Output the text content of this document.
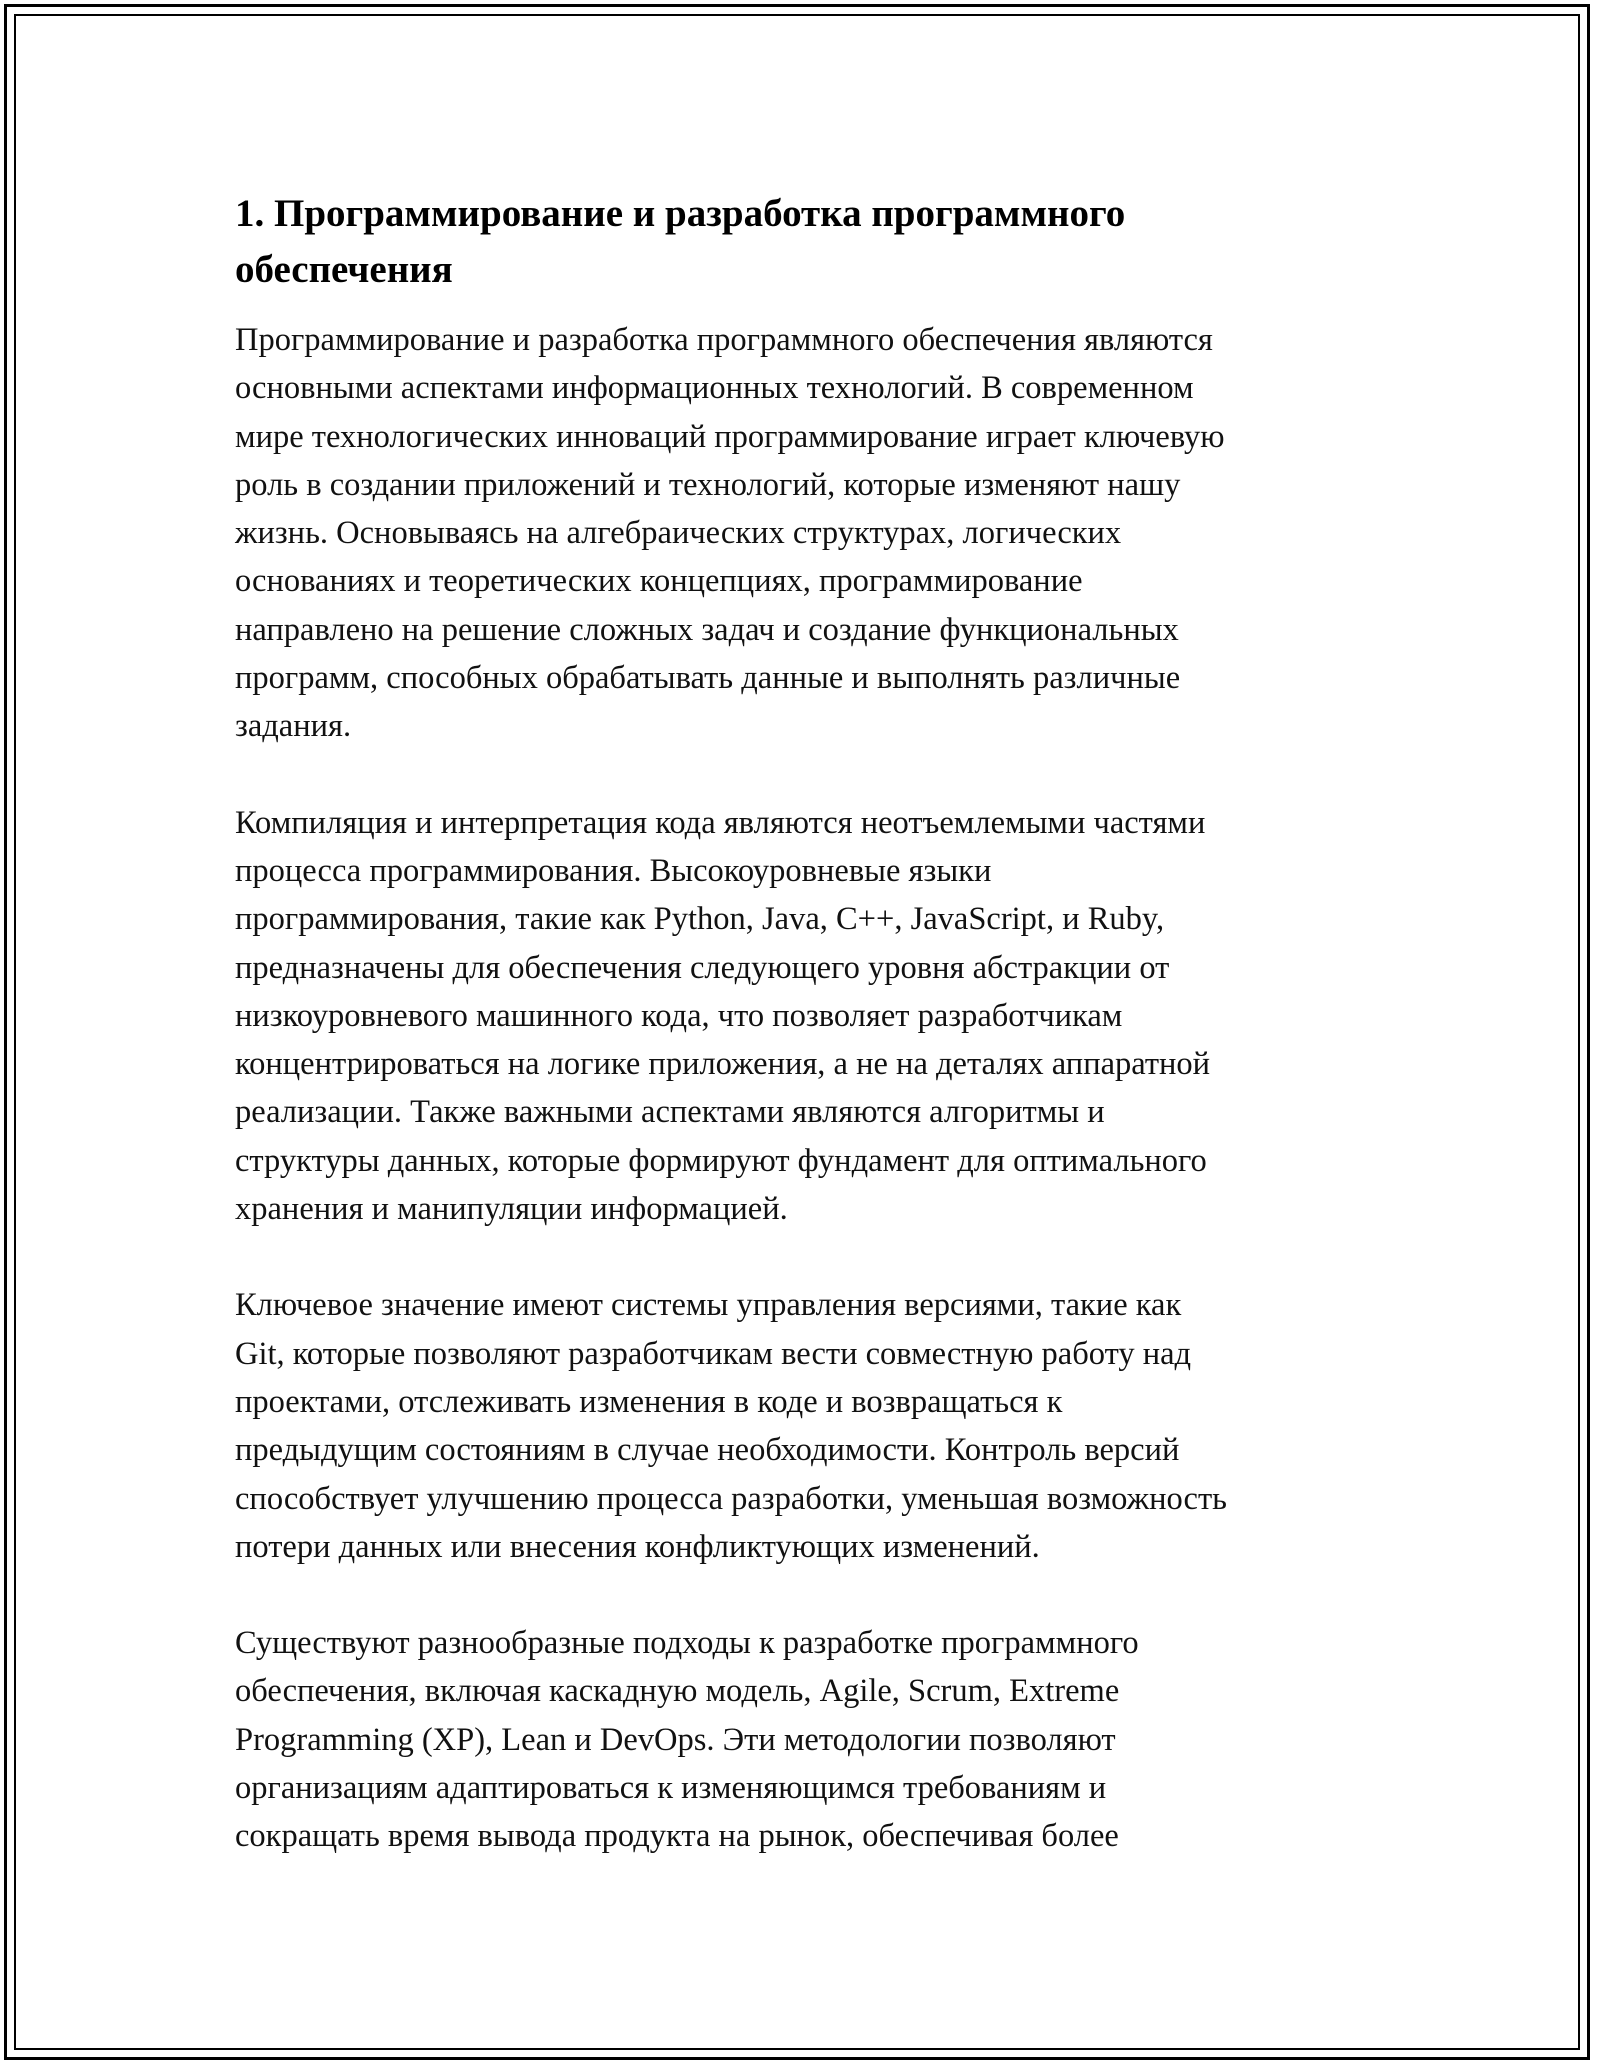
1. Программирование и разработка программного
обеспечения

Программирование и разработка программного обеспечения являются
основными аспектами информационных технологий. В современном
мире технологических инноваций программирование играет ключевую
роль в создании приложений и технологий, которые изменяют нашу
жизнь. Основываясь на алгебраических структурах, логических
основаниях и теоретических концепциях, программирование
направлено на решение сложных задач и создание функциональных
программ, способных обрабатывать данные и выполнять различные
задания.

Компиляция и интерпретация кода являются неотъемлемыми частями
процесса программирования. Высокоуровневые языки
программирования, такие как Python, Java, C++, JavaScript, и Ruby,
предназначены для обеспечения следующего уровня абстракции от
низкоуровневого машинного кода, что позволяет разработчикам
концентрироваться на логике приложения, а не на деталях аппаратной
реализации. Также важными аспектами являются алгоритмы и
структуры данных, которые формируют фундамент для оптимального
хранения и манипуляции информацией.

Ключевое значение имеют системы управления версиями, такие как
Git, которые позволяют разработчикам вести совместную работу над
проектами, отслеживать изменения в коде и возвращаться к
предыдущим состояниям в случае необходимости. Контроль версий
способствует улучшению процесса разработки, уменьшая возможность
потери данных или внесения конфликтующих изменений.

Существуют разнообразные подходы к разработке программного
обеспечения, включая каскадную модель, Agile, Scrum, Extreme
Programming (XP), Lean и DevOps. Эти методологии позволяют
организациям адаптироваться к изменяющимся требованиям и
сокращать время вывода продукта на рынок, обеспечивая более
